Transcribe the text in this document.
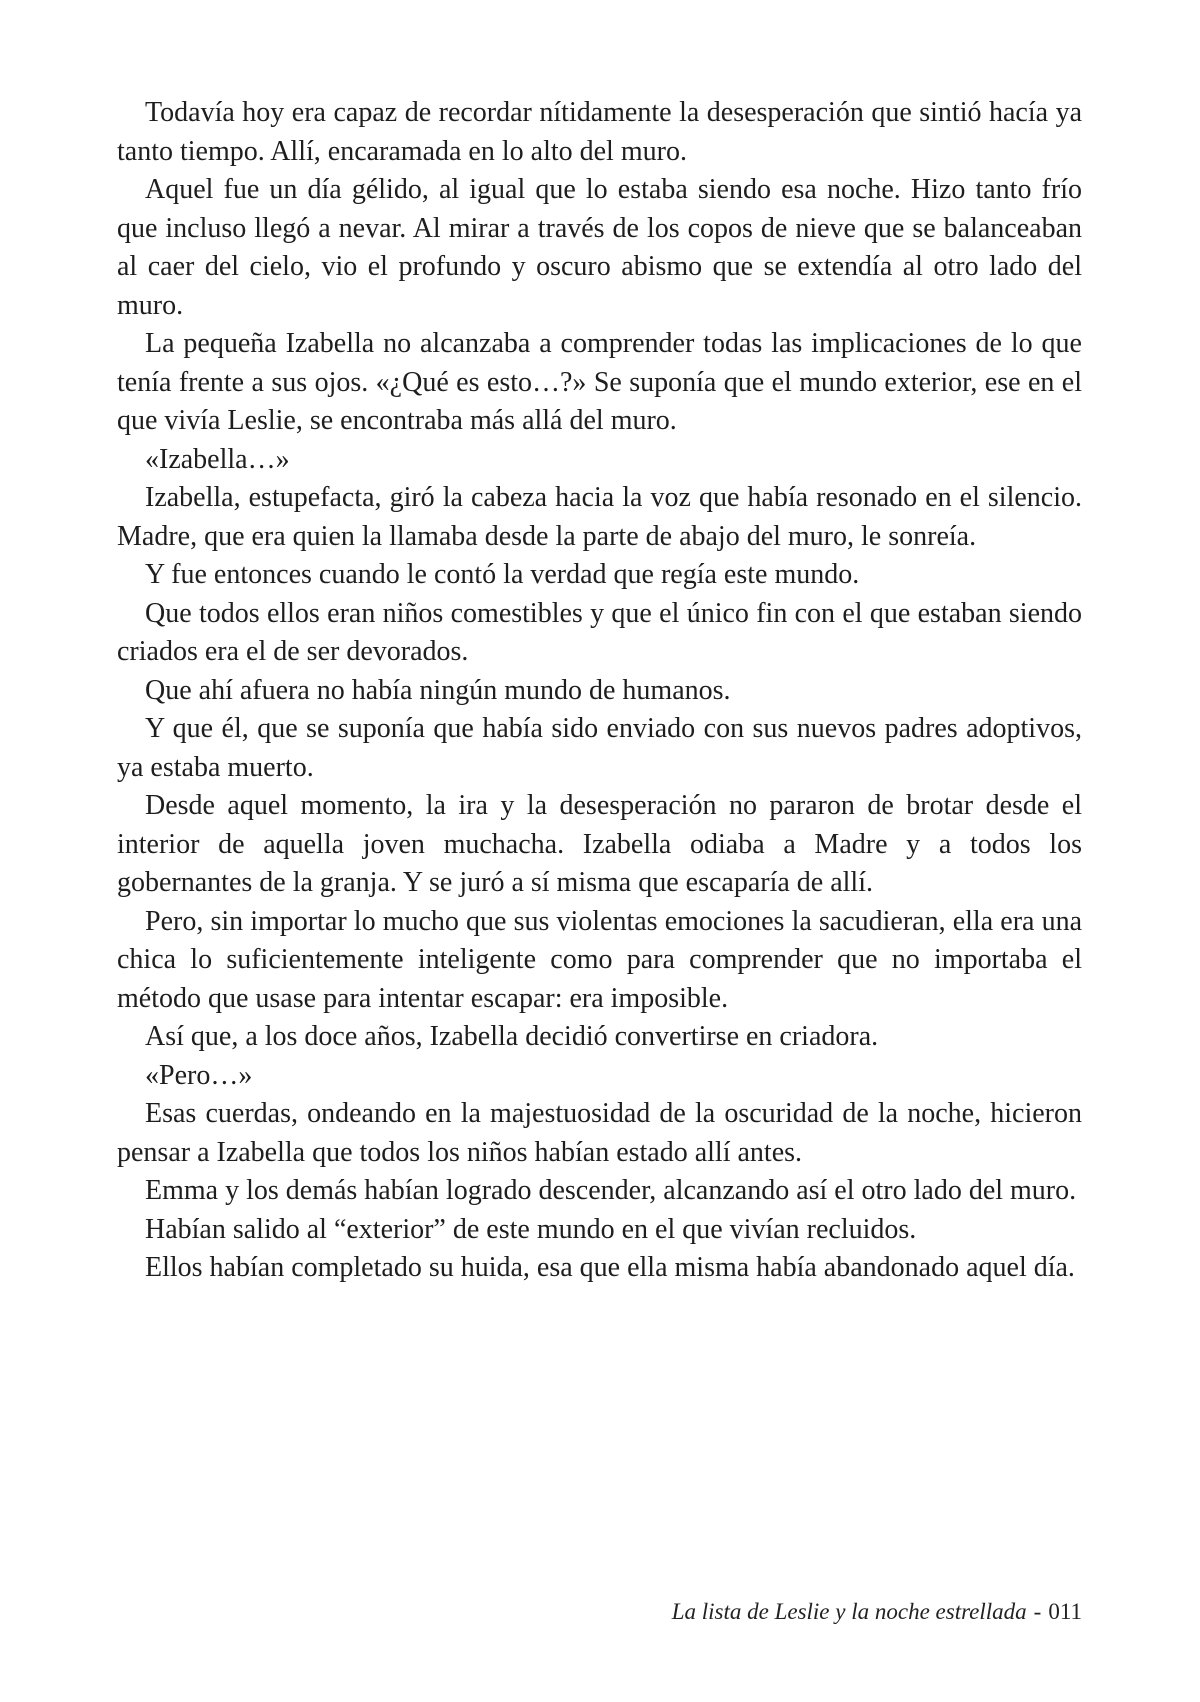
Todavía hoy era capaz de recordar nítidamente la desesperación que sintió hacía ya tanto tiempo. Allí, encaramada en lo alto del muro.

Aquel fue un día gélido, al igual que lo estaba siendo esa noche. Hizo tanto frío que incluso llegó a nevar. Al mirar a través de los copos de nieve que se balanceaban al caer del cielo, vio el profundo y oscuro abismo que se extendía al otro lado del muro.

La pequeña Izabella no alcanzaba a comprender todas las implicaciones de lo que tenía frente a sus ojos. «¿Qué es esto…?» Se suponía que el mundo exterior, ese en el que vivía Leslie, se encontraba más allá del muro.

«Izabella…»

Izabella, estupefacta, giró la cabeza hacia la voz que había resonado en el silencio. Madre, que era quien la llamaba desde la parte de abajo del muro, le sonreía.

Y fue entonces cuando le contó la verdad que regía este mundo.

Que todos ellos eran niños comestibles y que el único fin con el que estaban siendo criados era el de ser devorados.

Que ahí afuera no había ningún mundo de humanos.

Y que él, que se suponía que había sido enviado con sus nuevos padres adoptivos, ya estaba muerto.

Desde aquel momento, la ira y la desesperación no pararon de brotar desde el interior de aquella joven muchacha. Izabella odiaba a Madre y a todos los gobernantes de la granja. Y se juró a sí misma que escaparía de allí.

Pero, sin importar lo mucho que sus violentas emociones la sacudieran, ella era una chica lo suficientemente inteligente como para comprender que no importaba el método que usase para intentar escapar: era imposible.

Así que, a los doce años, Izabella decidió convertirse en criadora.

«Pero…»

Esas cuerdas, ondeando en la majestuosidad de la oscuridad de la noche, hicieron pensar a Izabella que todos los niños habían estado allí antes.

Emma y los demás habían logrado descender, alcanzando así el otro lado del muro.

Habían salido al “exterior” de este mundo en el que vivían recluidos.

Ellos habían completado su huida, esa que ella misma había abandonado aquel día.

La lista de Leslie y la noche estrellada - 011
